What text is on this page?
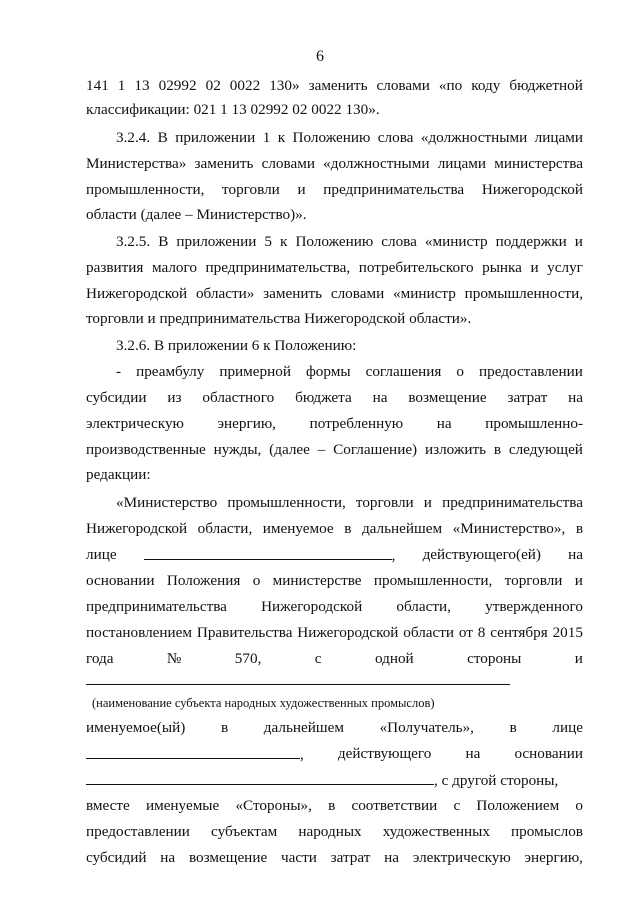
6
141 1 13 02992 02 0022 130» заменить словами «по коду бюджетной
классификации: 021 1 13 02992 02 0022 130».
3.2.4. В приложении 1 к Положению слова «должностными лицами
Министерства» заменить словами «должностными лицами министерства
промышленности, торговли и предпринимательства Нижегородской
области (далее – Министерство)».
3.2.5. В приложении 5 к Положению слова «министр поддержки и
развития малого предпринимательства, потребительского рынка и услуг
Нижегородской области» заменить словами «министр промышленности,
торговли и предпринимательства Нижегородской области».
3.2.6. В приложении 6 к Положению:
- преамбулу примерной формы соглашения о предоставлении
субсидии из областного бюджета на возмещение затрат на
электрическую энергию, потребленную на промышленно-
производственные нужды, (далее – Соглашение) изложить в следующей
редакции:
«Министерство промышленности, торговли и предпринимательства
Нижегородской области, именуемое в дальнейшем «Министерство», в
лице	, действующего(ей) на
основании Положения о министерстве промышленности, торговли и
предпринимательства Нижегородской области, утвержденного
постановлением Правительства Нижегородской области от 8 сентября 2015
года	№	570,	с	одной	стороны	и
(наименование субъекта народных художественных промыслов)
именуемое(ый) в дальнейшем «Получатель», в лице
, действующего на основании
, с другой стороны,
вместе именуемые «Стороны», в соответствии с Положением о
предоставлении субъектам народных художественных промыслов
субсидий на возмещение части затрат на электрическую энергию,
